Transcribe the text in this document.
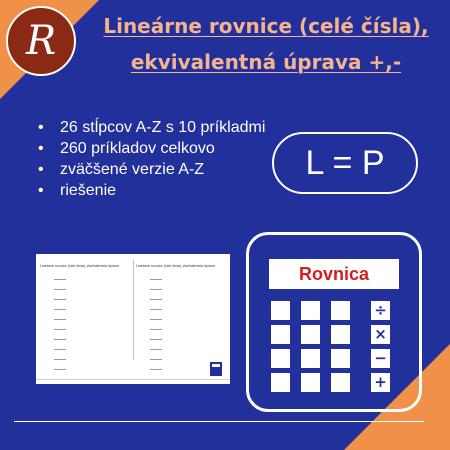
R	Lineárne rovnice (celé čísla),
ekvivalentná úprava +,-
• 26 stĺpcov A-Z s 10 príkladmi
• 260 príkladov celkovo
• zväčšené verzie A-Z
• riešenie
L = P
Lineárne rovnice (celé čísla), ekvivalentná úprava	Lineárne rovnice (celé čísla), ekvivalentná úprava	Rovnica
÷
×
−
+
